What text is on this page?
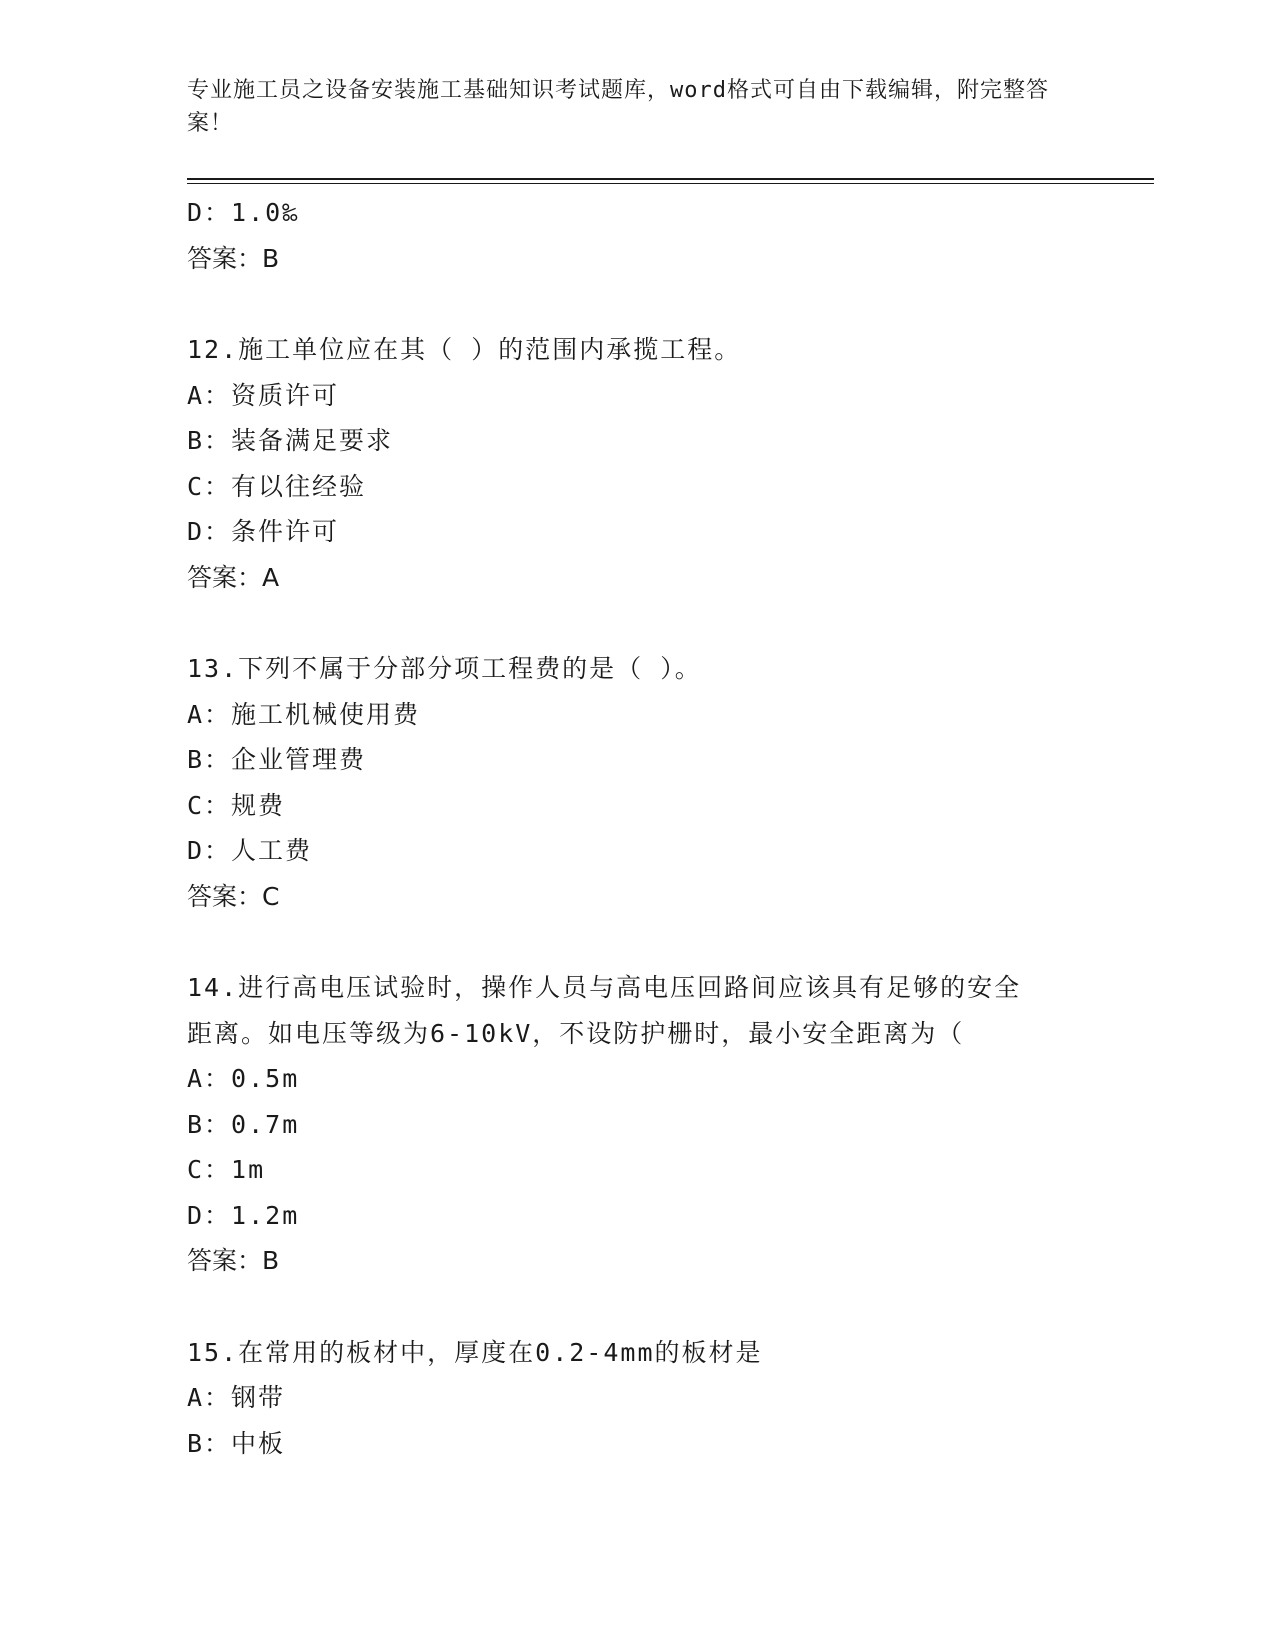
专业施工员之设备安装施工基础知识考试题库，word格式可自由下载编辑，附完整答案！
D：1.0‰
答案：B
12.施工单位应在其（ ）的范围内承揽工程。
A：资质许可
B：装备满足要求
C：有以往经验
D：条件许可
答案：A
13.下列不属于分部分项工程费的是（ ）。
A：施工机械使用费
B：企业管理费
C：规费
D：人工费
答案：C
14.进行高电压试验时，操作人员与高电压回路间应该具有足够的安全
距离。如电压等级为6-10kV，不设防护栅时，最小安全距离为（
A：0.5m
B：0.7m
C：1m
D：1.2m
答案：B
15.在常用的板材中，厚度在0.2-4mm的板材是
A：钢带
B：中板
